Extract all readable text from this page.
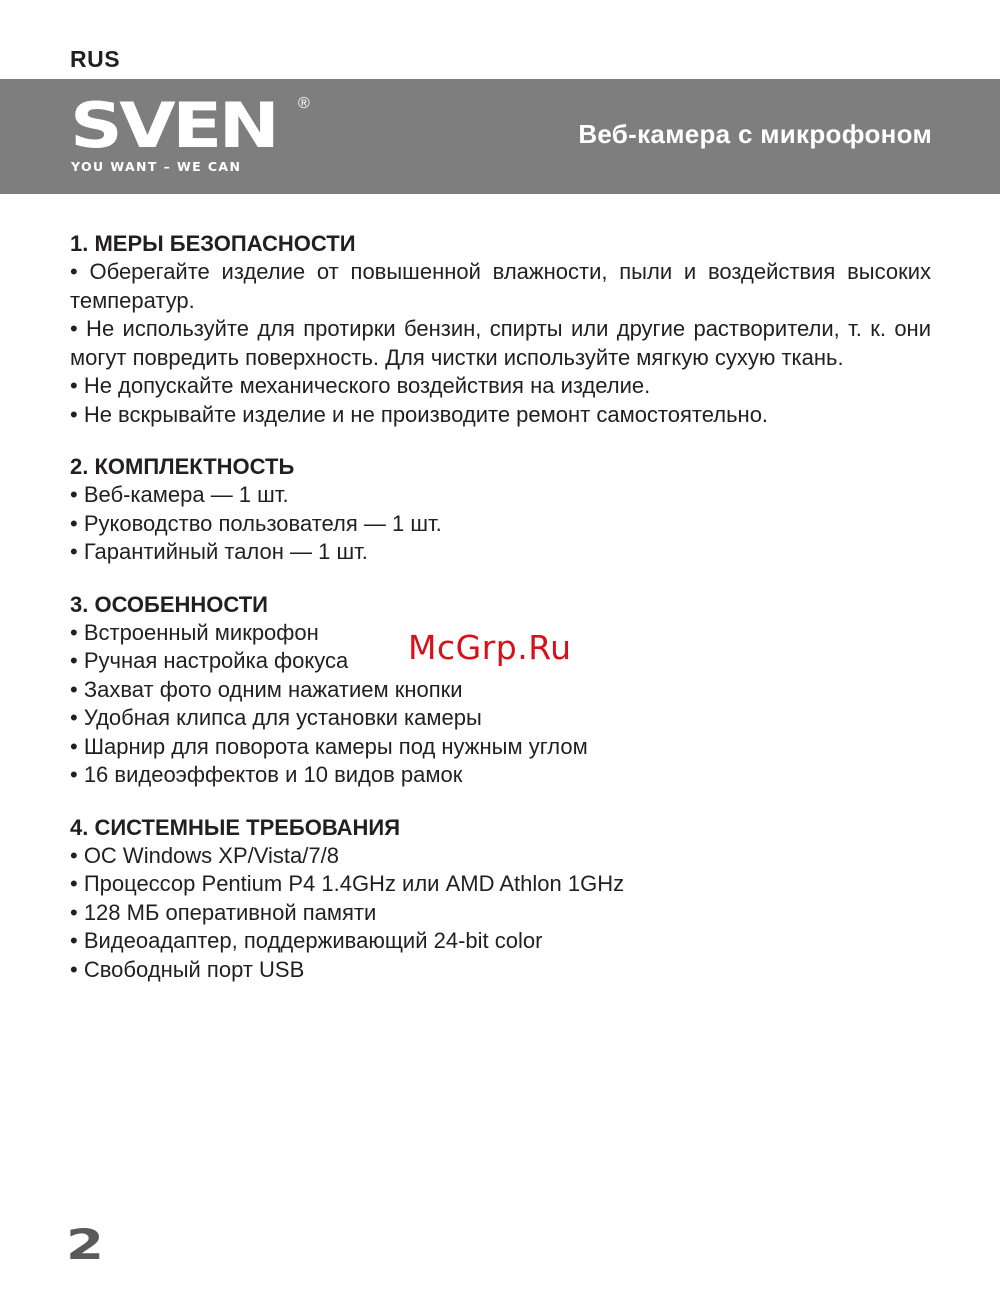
RUS
SVEN ®
YOU WANT – WE CAN
Веб-камера с микрофоном
1. МЕРЫ БЕЗОПАСНОСТИ
• Оберегайте изделие от повышенной влажности, пыли и воздействия высоких температур.
• Не используйте для протирки бензин, спирты или другие растворители, т. к. они могут повредить поверхность. Для чистки используйте мягкую сухую ткань.
• Не допускайте механического воздействия на изделие.
• Не вскрывайте изделие и не производите ремонт самостоятельно.
2. КОМПЛЕКТНОСТЬ
• Веб-камера — 1 шт.
• Руководство пользователя — 1 шт.
• Гарантийный талон — 1 шт.
3. ОСОБЕННОСТИ
• Встроенный микрофон
• Ручная настройка фокуса
• Захват фото одним нажатием кнопки
• Удобная клипса для установки камеры
• Шарнир для поворота камеры под нужным углом
• 16 видеоэффектов и 10 видов рамок
4. СИСТЕМНЫЕ ТРЕБОВАНИЯ
• ОС Windows XP/Vista/7/8
• Процессор Pentium P4 1.4GHz или AMD Athlon 1GHz
• 128 МБ оперативной памяти
• Видеоадаптер, поддерживающий 24-bit color
• Свободный порт USB
McGrp.Ru
2
